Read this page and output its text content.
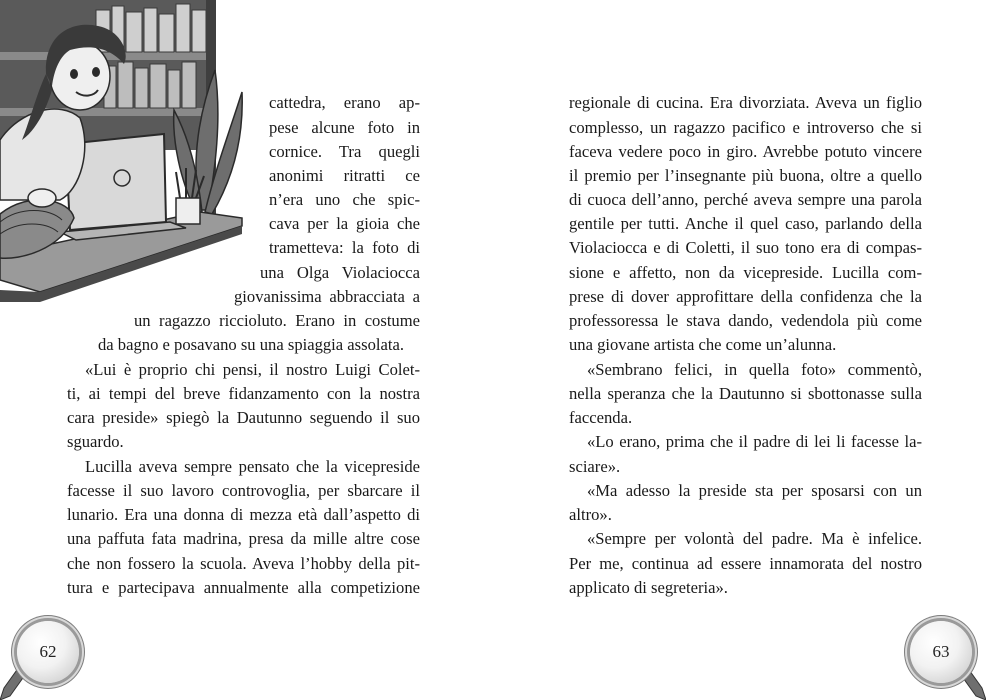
cattedra, erano ap-
pese alcune foto in
cornice. Tra quegli
anonimi ritratti ce
n’era uno che spic-
cava per la gioia che
trametteva: la foto di
una Olga Violaciocca
giovanissima abbracciata a
un ragazzo riccioluto. Erano in costume
da bagno e posavano su una spiaggia assolata.
«Lui è proprio chi pensi, il nostro Luigi Colet-
ti, ai tempi del breve fidanzamento con la nostra
cara preside» spiegò la Dautunno seguendo il suo
sguardo.
Lucilla aveva sempre pensato che la vicepreside
facesse il suo lavoro controvoglia, per sbarcare il
lunario. Era una donna di mezza età dall’aspetto di
una paffuta fata madrina, presa da mille altre cose
che non fossero la scuola. Aveva l’hobby della pit-
tura e partecipava annualmente alla competizione
62
regionale di cucina. Era divorziata. Aveva un figlio
complesso, un ragazzo pacifico e introverso che si
faceva vedere poco in giro. Avrebbe potuto vincere
il premio per l’insegnante più buona, oltre a quello
di cuoca dell’anno, perché aveva sempre una parola
gentile per tutti. Anche il quel caso, parlando della
Violaciocca e di Coletti, il suo tono era di compas-
sione e affetto, non da vicepreside. Lucilla com-
prese di dover approfittare della confidenza che la
professoressa le stava dando, vedendola più come
una giovane artista che come un’alunna.
«Sembrano felici, in quella foto» commentò,
nella speranza che la Dautunno si sbottonasse sulla
faccenda.
«Lo erano, prima che il padre di lei li facesse la-
sciare».
«Ma adesso la preside sta per sposarsi con un
altro».
«Sempre per volontà del padre. Ma è infelice.
Per me, continua ad essere innamorata del nostro
applicato di segreteria».
63
